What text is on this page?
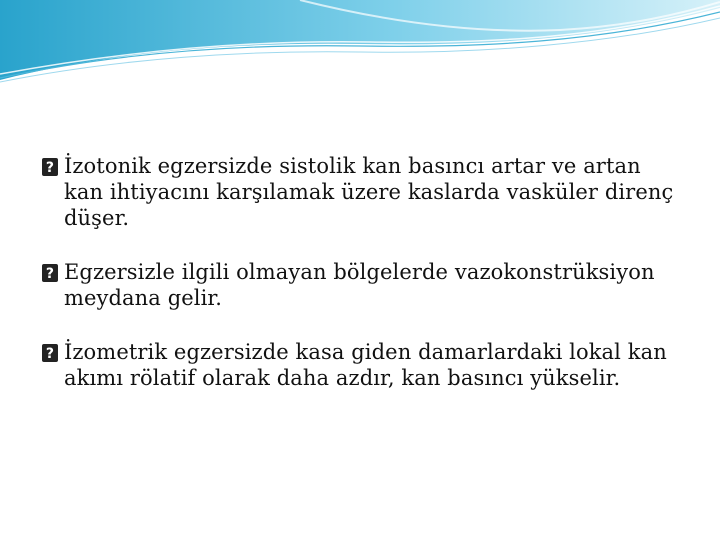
?
İzotonik egzersizde sistolik kan basıncı artar ve artan kan ihtiyacını karşılamak üzere kaslarda vasküler direnç düşer.
?
Egzersizle ilgili olmayan bölgelerde vazokonstrüksiyon meydana gelir.
?
İzometrik egzersizde kasa giden damarlardaki lokal kan akımı rölatif olarak daha azdır, kan basıncı yükselir.
